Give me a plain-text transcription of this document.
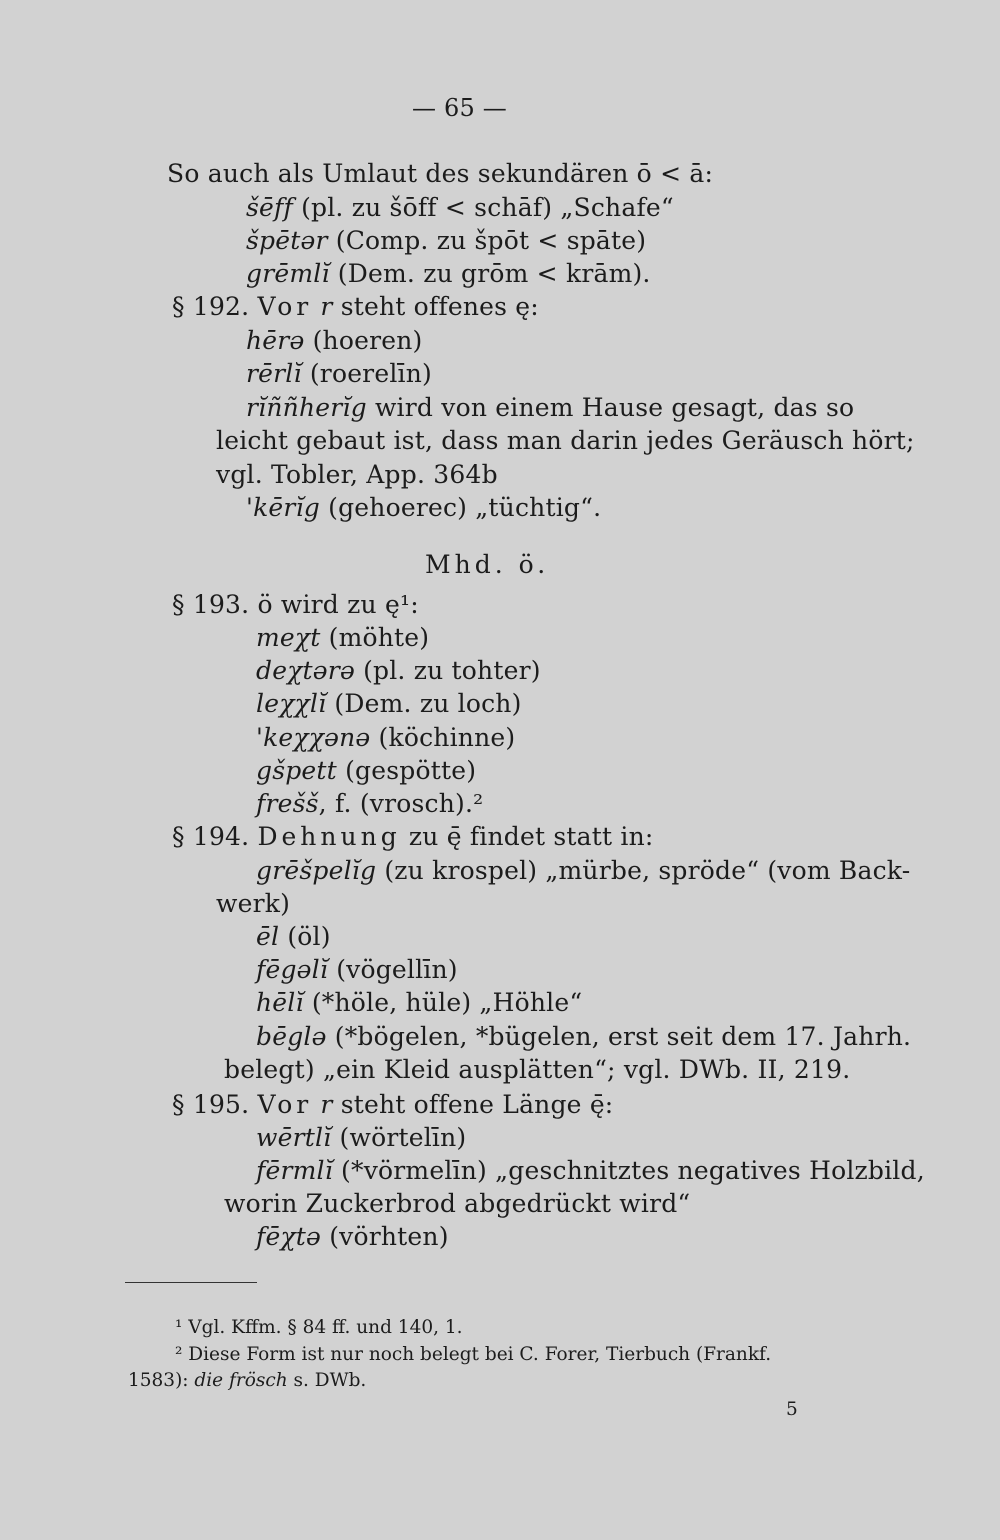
— 65 —
So auch als Umlaut des sekundären ō < ā:
šēff (pl. zu šōff < schāf) „Schafe“
špētər (Comp. zu špōt < spāte)
grēmlĭ (Dem. zu grōm < krām).
§ 192. Vor r steht offenes ę:
hērə (hoeren)
rērlĭ (roerelīn)
rĭññherĭg wird von einem Hause gesagt, das so
leicht gebaut ist, dass man darin jedes Geräusch hört;
vgl. Tobler, App. 364b
'kērĭg (gehoerec) „tüchtig“.
Mhd. ö.
§ 193. ö wird zu ę¹:
meχt (möhte)
deχtərə (pl. zu tohter)
leχχlĭ (Dem. zu loch)
'keχχənə (köchinne)
gšpett (gespötte)
frešš, f. (vrosch).²
§ 194. Dehnung zu ę̄ findet statt in:
grēšpelĭg (zu krospel) „mürbe, spröde“ (vom Back-
werk)
ēl (öl)
fēgəlĭ (vögellīn)
hēlĭ (*höle, hüle) „Höhle“
bēglə (*bögelen, *bügelen, erst seit dem 17. Jahrh.
belegt) „ein Kleid ausplätten“; vgl. DWb. II, 219.
§ 195. Vor r steht offene Länge ę̄:
wērtlĭ (wörtelīn)
fērmlĭ (*vörmelīn) „geschnitztes negatives Holzbild,
worin Zuckerbrod abgedrückt wird“
fēχtə (vörhten)
¹ Vgl. Kffm. § 84 ff. und 140, 1.
² Diese Form ist nur noch belegt bei C. Forer, Tierbuch (Frankf.
1583): die frösch s. DWb.
5
